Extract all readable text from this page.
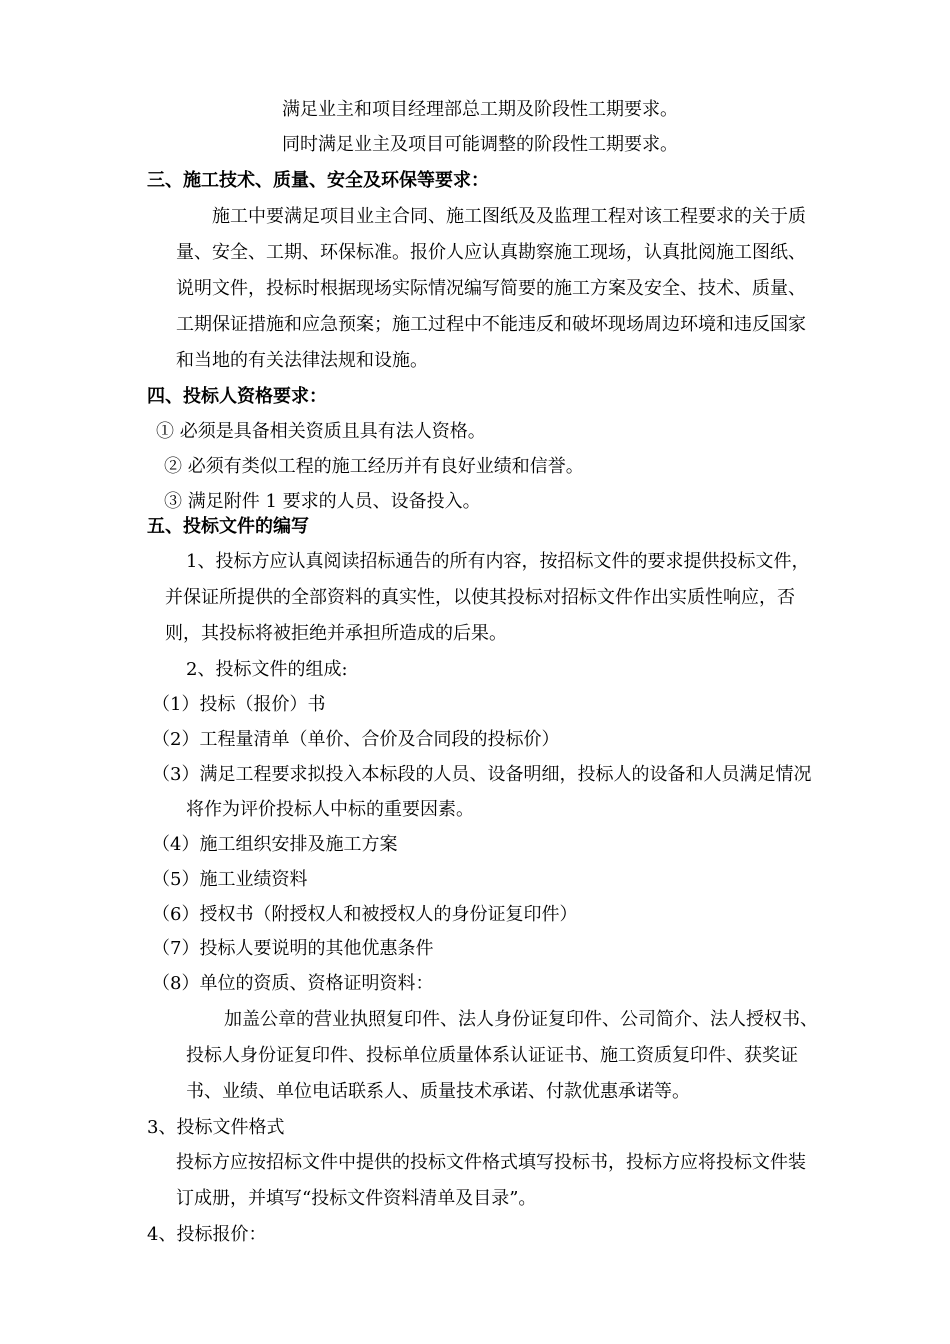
满足业主和项目经理部总工期及阶段性工期要求。
同时满足业主及项目可能调整的阶段性工期要求。
三、施工技术、质量、安全及环保等要求：
施工中要满足项目业主合同、施工图纸及及监理工程对该工程要求的关于质
量、安全、工期、环保标准。报价人应认真勘察施工现场，认真批阅施工图纸、
说明文件，投标时根据现场实际情况编写简要的施工方案及安全、技术、质量、
工期保证措施和应急预案；施工过程中不能违反和破坏现场周边环境和违反国家
和当地的有关法律法规和设施。
四、投标人资格要求：
① 必须是具备相关资质且具有法人资格。
② 必须有类似工程的施工经历并有良好业绩和信誉。
③ 满足附件 1 要求的人员、设备投入。
五、投标文件的编写
1、投标方应认真阅读招标通告的所有内容，按招标文件的要求提供投标文件，
并保证所提供的全部资料的真实性，以使其投标对招标文件作出实质性响应，否
则，其投标将被拒绝并承担所造成的后果。
2、投标文件的组成:
（1）投标（报价）书
（2）工程量清单（单价、合价及合同段的投标价）
（3）满足工程要求拟投入本标段的人员、设备明细，投标人的设备和人员满足情况
将作为评价投标人中标的重要因素。
（4）施工组织安排及施工方案
（5）施工业绩资料
（6）授权书（附授权人和被授权人的身份证复印件）
（7）投标人要说明的其他优惠条件
（8）单位的资质、资格证明资料：
加盖公章的营业执照复印件、法人身份证复印件、公司简介、法人授权书、
投标人身份证复印件、投标单位质量体系认证证书、施工资质复印件、获奖证
书、业绩、单位电话联系人、质量技术承诺、付款优惠承诺等。
3、投标文件格式
投标方应按招标文件中提供的投标文件格式填写投标书，投标方应将投标文件装
订成册，并填写“投标文件资料清单及目录”。
4、投标报价：
